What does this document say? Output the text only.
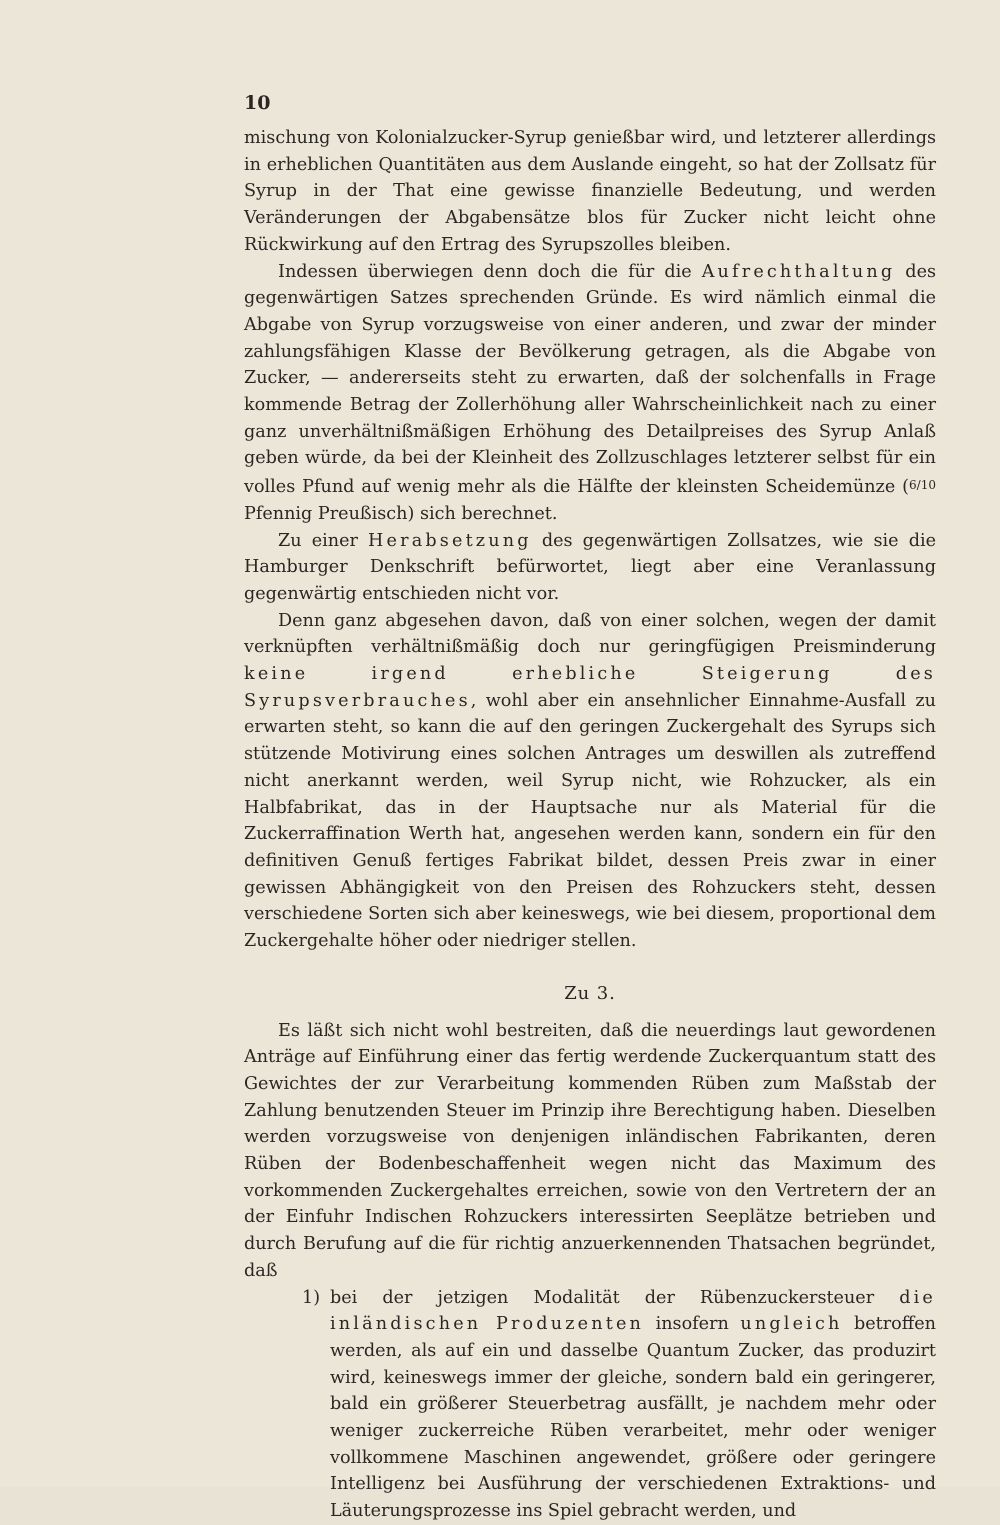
10

mischung von Kolonialzucker-Syrup genießbar wird, und letzterer allerdings in erheblichen Quantitäten aus dem Auslande eingeht, so hat der Zollsatz für Syrup in der That eine gewisse finanzielle Bedeutung, und werden Veränderungen der Abgabensätze blos für Zucker nicht leicht ohne Rückwirkung auf den Ertrag des Syrupszolles bleiben.

Indessen überwiegen denn doch die für die Aufrechthaltung des gegenwärtigen Satzes sprechenden Gründe. Es wird nämlich einmal die Abgabe von Syrup vorzugsweise von einer anderen, und zwar der minder zahlungsfähigen Klasse der Bevölkerung getragen, als die Abgabe von Zucker, — andererseits steht zu erwarten, daß der solchenfalls in Frage kommende Betrag der Zollerhöhung aller Wahrscheinlichkeit nach zu einer ganz unverhältnißmäßigen Erhöhung des Detailpreises des Syrup Anlaß geben würde, da bei der Kleinheit des Zollzuschlages letzterer selbst für ein volles Pfund auf wenig mehr als die Hälfte der kleinsten Scheidemünze (6/10 Pfennig Preußisch) sich berechnet.

Zu einer Herabsetzung des gegenwärtigen Zollsatzes, wie sie die Hamburger Denkschrift befürwortet, liegt aber eine Veranlassung gegenwärtig entschieden nicht vor.

Denn ganz abgesehen davon, daß von einer solchen, wegen der damit verknüpften verhältnißmäßig doch nur geringfügigen Preisminderung keine irgend erhebliche Steigerung des Syrupsverbrauches, wohl aber ein ansehnlicher Einnahme-Ausfall zu erwarten steht, so kann die auf den geringen Zuckergehalt des Syrups sich stützende Motivirung eines solchen Antrages um deswillen als zutreffend nicht anerkannt werden, weil Syrup nicht, wie Rohzucker, als ein Halbfabrikat, das in der Hauptsache nur als Material für die Zuckerraffination Werth hat, angesehen werden kann, sondern ein für den definitiven Genuß fertiges Fabrikat bildet, dessen Preis zwar in einer gewissen Abhängigkeit von den Preisen des Rohzuckers steht, dessen verschiedene Sorten sich aber keineswegs, wie bei diesem, proportional dem Zuckergehalte höher oder niedriger stellen.

Zu 3.

Es läßt sich nicht wohl bestreiten, daß die neuerdings laut gewordenen Anträge auf Einführung einer das fertig werdende Zuckerquantum statt des Gewichtes der zur Verarbeitung kommenden Rüben zum Maßstab der Zahlung benutzenden Steuer im Prinzip ihre Berechtigung haben. Dieselben werden vorzugsweise von denjenigen inländischen Fabrikanten, deren Rüben der Bodenbeschaffenheit wegen nicht das Maximum des vorkommenden Zuckergehaltes erreichen, sowie von den Vertretern der an der Einfuhr Indischen Rohzuckers interessirten Seeplätze betrieben und durch Berufung auf die für richtig anzuerkennenden Thatsachen begründet, daß

1) bei der jetzigen Modalität der Rübenzuckersteuer die inländischen Produzenten insofern ungleich betroffen werden, als auf ein und dasselbe Quantum Zucker, das produzirt wird, keineswegs immer der gleiche, sondern bald ein geringerer, bald ein größerer Steuerbetrag ausfällt, je nachdem mehr oder weniger zuckerreiche Rüben verarbeitet, mehr oder weniger vollkommene Maschinen angewendet, größere oder geringere Intelligenz bei Ausführung der verschiedenen Extraktions- und Läuterungsprozesse ins Spiel gebracht werden, und
